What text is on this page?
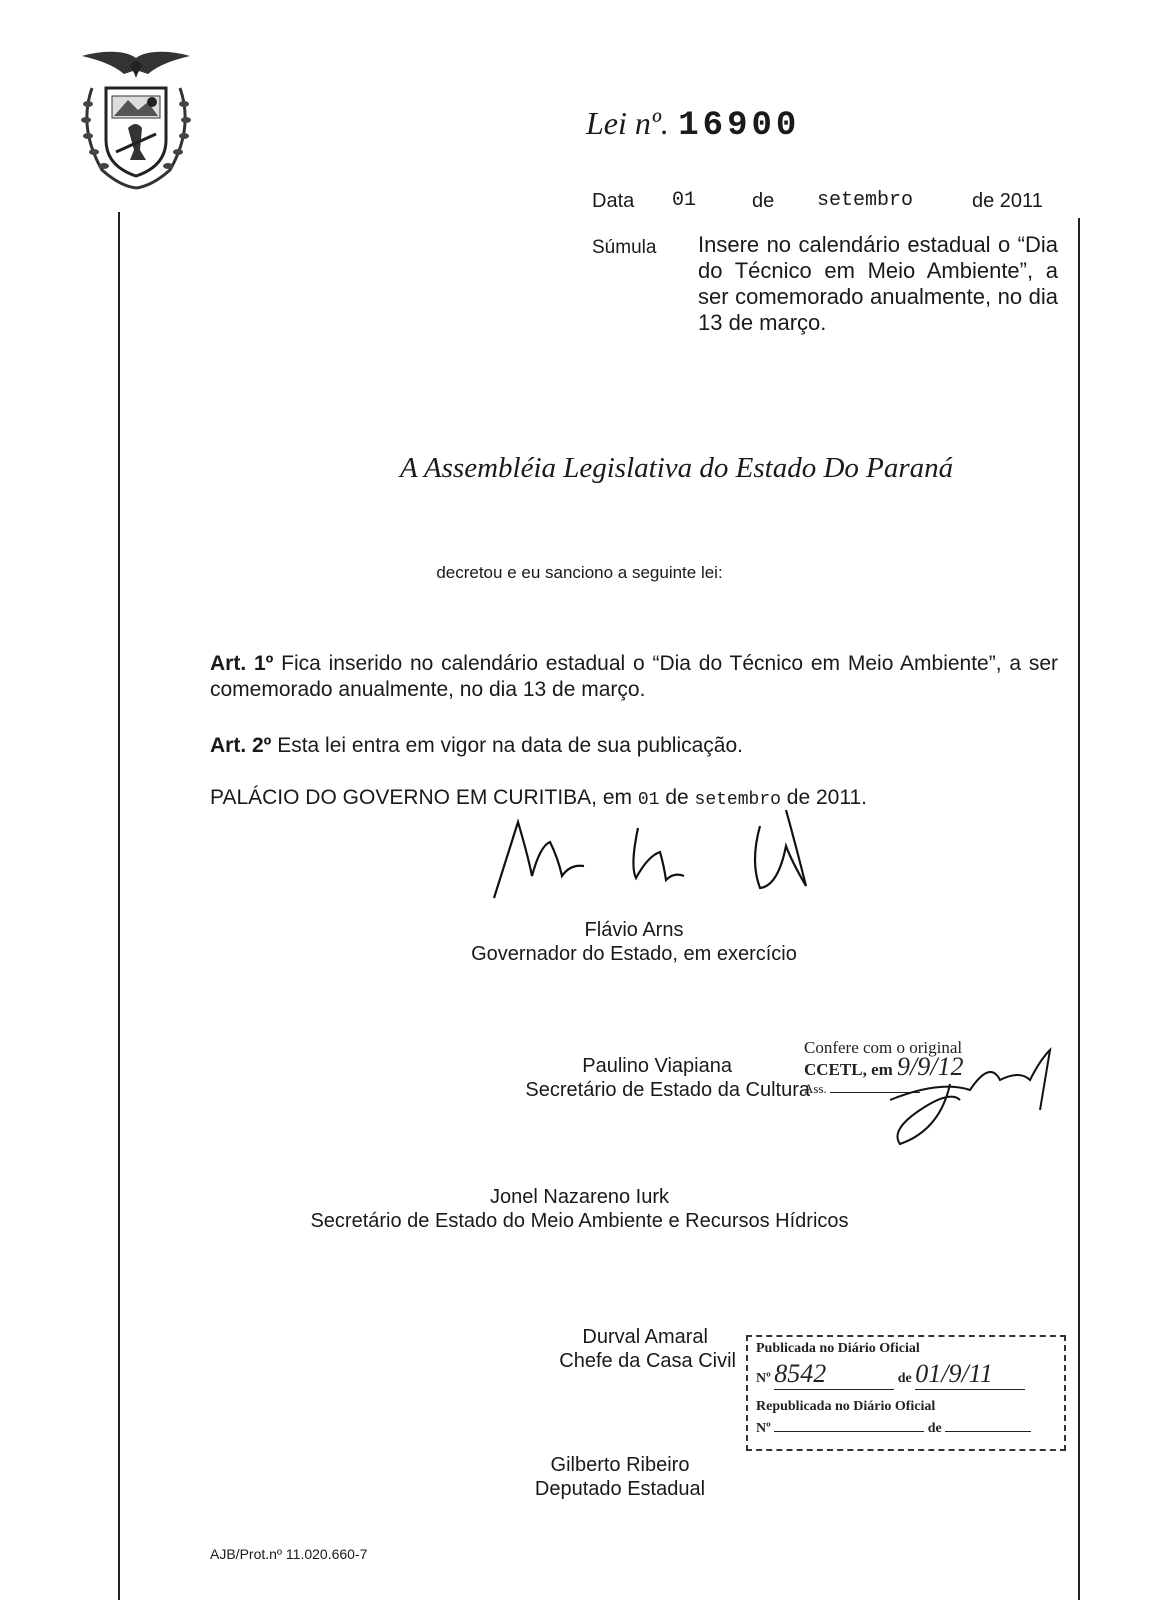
Lei nº. 16900
Data 01	de setembro	de 2011
Súmula Insere no calendário estadual o “Dia do Técnico em Meio Ambiente”, a ser comemorado anualmente, no dia 13 de março.
A Assembléia Legislativa do Estado Do Paraná
decretou e eu sanciono a seguinte lei:
Art. 1º Fica inserido no calendário estadual o “Dia do Técnico em Meio Ambiente”, a ser comemorado anualmente, no dia 13 de março.
Art. 2º Esta lei entra em vigor na data de sua publicação.
PALÁCIO DO GOVERNO EM CURITIBA, em 01 de setembro de 2011.
Flávio Arns
Governador do Estado, em exercício
Paulino Viapiana
Secretário de Estado da Cultura
Confere com o original
CCETL, em 9/9/12
Ass.
Jonel Nazareno Iurk
Secretário de Estado do Meio Ambiente e Recursos Hídricos
Durval Amaral
Chefe da Casa Civil
Publicada no Diário Oficial
Nº 8542	de 01/9/11
Republicada no Diário Oficial
Nº	de
Gilberto Ribeiro
Deputado Estadual
AJB/Prot.nº 11.020.660-7
